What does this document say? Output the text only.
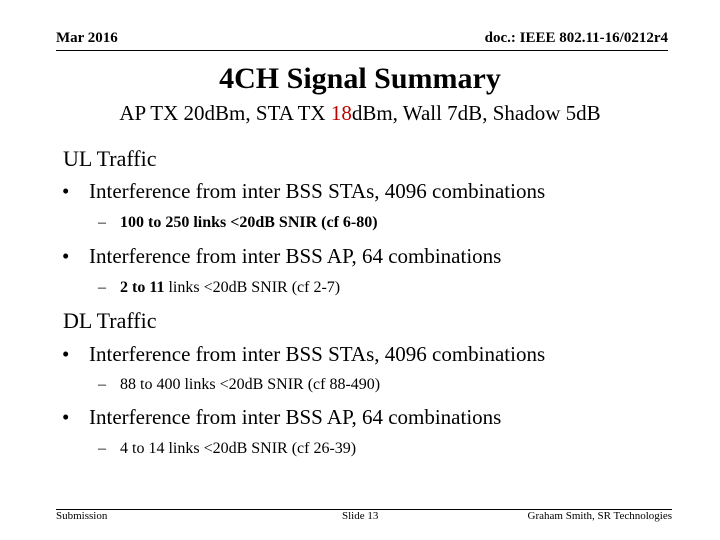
Mar 2016	doc.: IEEE 802.11-16/0212r4
4CH Signal Summary
AP TX 20dBm, STA TX 18dBm, Wall 7dB, Shadow 5dB
UL Traffic
• Interference from inter BSS STAs, 4096 combinations
– 100 to 250 links <20dB SNIR (cf 6-80)
• Interference from inter BSS AP, 64 combinations
– 2 to 11 links <20dB SNIR (cf 2-7)
DL Traffic
• Interference from inter BSS STAs, 4096 combinations
– 88 to 400 links <20dB SNIR (cf 88-490)
• Interference from inter BSS AP, 64 combinations
– 4 to 14 links <20dB SNIR (cf 26-39)
Submission	Slide 13	Graham Smith, SR Technologies
